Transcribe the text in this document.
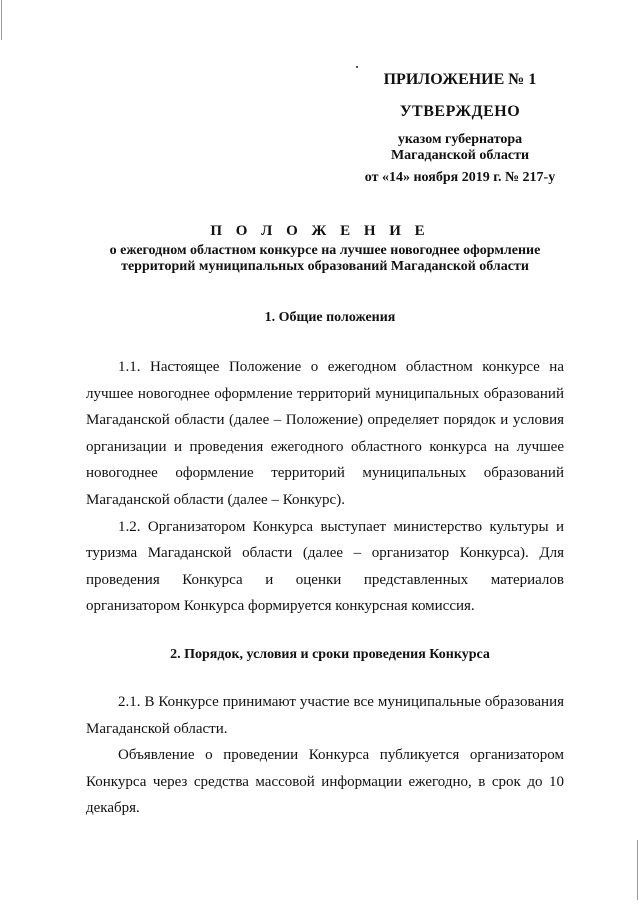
ПРИЛОЖЕНИЕ № 1
УТВЕРЖДЕНО
указом губернатора
Магаданской области
от «14» ноября 2019 г. № 217-у
П О Л О Ж Е Н И Е
о ежегодном областном конкурсе на лучшее новогоднее оформление
территорий муниципальных образований Магаданской области
1. Общие положения

1.1. Настоящее Положение о ежегодном областном конкурсе на лучшее новогоднее оформление территорий муниципальных образований Магаданской области (далее – Положение) определяет порядок и условия организации и проведения ежегодного областного конкурса на лучшее новогоднее оформление территорий муниципальных образований Магаданской области (далее – Конкурс).

1.2. Организатором Конкурса выступает министерство культуры и туризма Магаданской области (далее – организатор Конкурса). Для проведения Конкурса и оценки представленных материалов организатором Конкурса формируется конкурсная комиссия.

2. Порядок, условия и сроки проведения Конкурса

2.1. В Конкурсе принимают участие все муниципальные образования Магаданской области.

Объявление о проведении Конкурса публикуется организатором Конкурса через средства массовой информации ежегодно, в срок до 10 декабря.
